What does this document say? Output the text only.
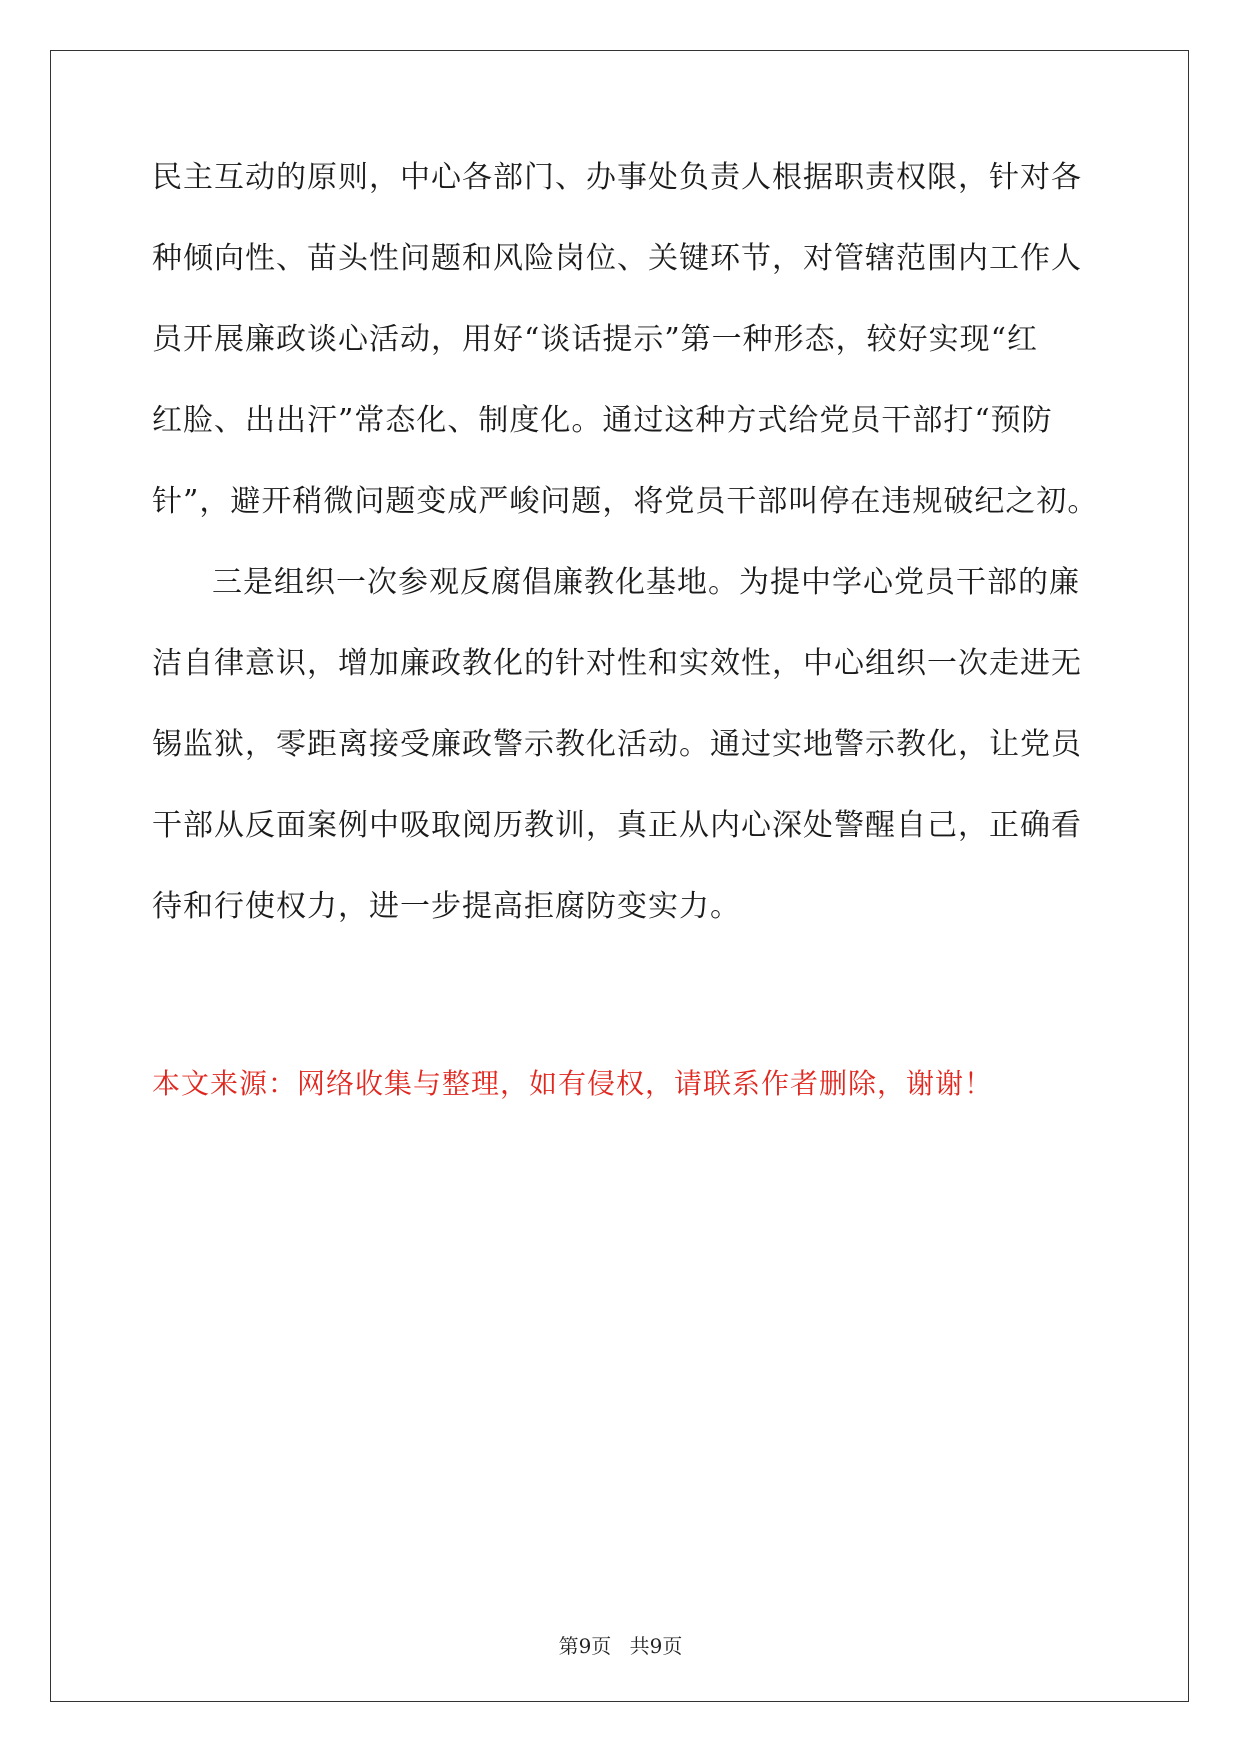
民主互动的原则，中心各部门、办事处负责人根据职责权限，针对各

种倾向性、苗头性问题和风险岗位、关键环节，对管辖范围内工作人

员开展廉政谈心活动，用好“谈话提示”第一种形态，较好实现“红

红脸、出出汗”常态化、制度化。通过这种方式给党员干部打“预防

针”，避开稍微问题变成严峻问题，将党员干部叫停在违规破纪之初。

三是组织一次参观反腐倡廉教化基地。为提中学心党员干部的廉

洁自律意识，增加廉政教化的针对性和实效性，中心组织一次走进无

锡监狱，零距离接受廉政警示教化活动。通过实地警示教化，让党员

干部从反面案例中吸取阅历教训，真正从内心深处警醒自己，正确看

待和行使权力，进一步提高拒腐防变实力。

本文来源：网络收集与整理，如有侵权，请联系作者删除，谢谢！
第9页 共9页
